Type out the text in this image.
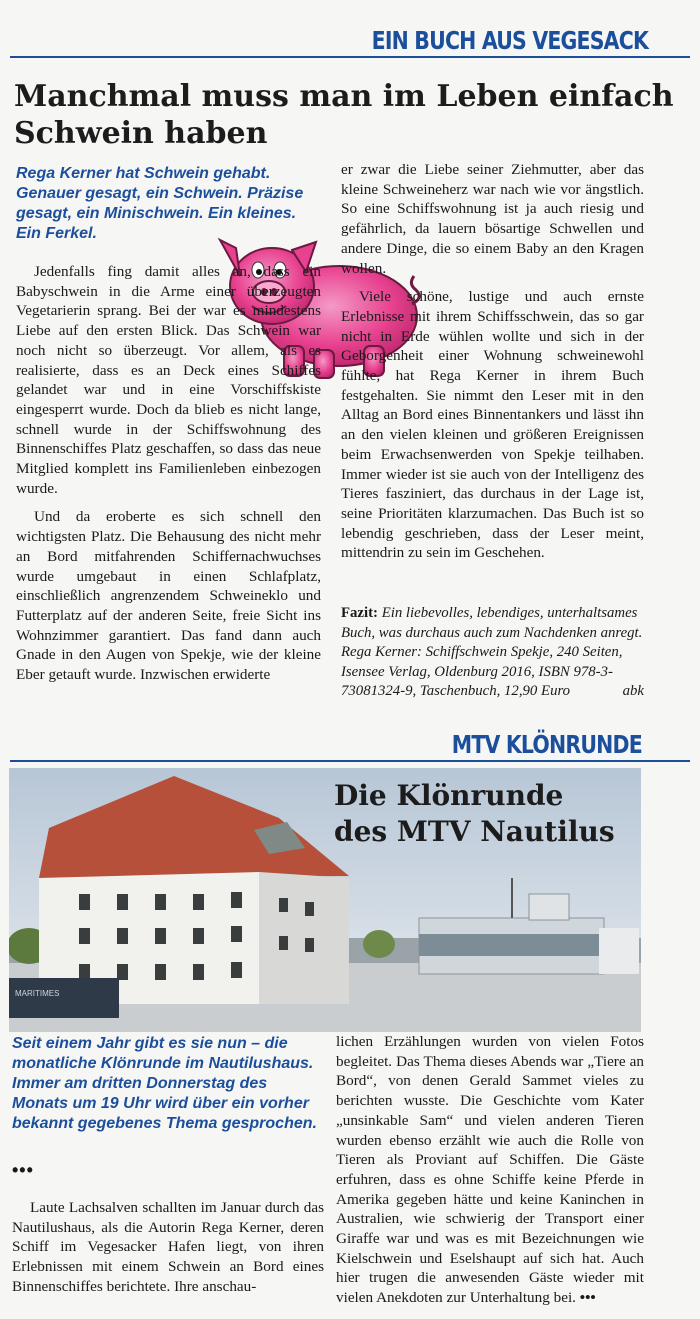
EIN BUCH AUS VEGESACK
Manchmal muss man im Leben einfach Schwein haben

Rega Kerner hat Schwein gehabt. Genauer gesagt, ein Schwein. Präzise gesagt, ein Minischwein. Ein kleines. Ein Ferkel.

Jedenfalls fing damit alles an, dass ein Babyschwein in die Arme einer überzeugten Vegetarierin sprang. Bei der war es mindestens Liebe auf den ersten Blick. Das Schwein war noch nicht so überzeugt. Vor allem, als es realisierte, dass es an Deck eines Schiffes gelandet war und in eine Vorschiffskiste eingesperrt wurde. Doch da blieb es nicht lange, schnell wurde in der Schiffswohnung des Binnenschiffes Platz geschaffen, so dass das neue Mitglied komplett ins Familienleben einbezogen wurde.

Und da eroberte es sich schnell den wichtigsten Platz. Die Behausung des nicht mehr an Bord mitfahrenden Schiffernachwuchses wurde umgebaut in einen Schlafplatz, einschließlich angrenzendem Schweineklo und Futterplatz auf der anderen Seite, freie Sicht ins Wohnzimmer garantiert. Das fand dann auch Gnade in den Augen von Spekje, wie der kleine Eber getauft wurde. Inzwischen erwiderte

er zwar die Liebe seiner Ziehmutter, aber das kleine Schweineherz war nach wie vor ängstlich. So eine Schiffswohnung ist ja auch riesig und gefährlich, da lauern bösartige Schwellen und andere Dinge, die so einem Baby an den Kragen wollen.

Viele schöne, lustige und auch ernste Erlebnisse mit ihrem Schiffsschwein, das so gar nicht in Erde wühlen wollte und sich in der Geborgenheit einer Wohnung schweinewohl fühlte, hat Rega Kerner in ihrem Buch festgehalten. Sie nimmt den Leser mit in den Alltag an Bord eines Binnentankers und lässt ihn an den vielen kleinen und größeren Ereignissen beim Erwachsenwerden von Spekje teilhaben. Immer wieder ist sie auch von der Intelligenz des Tieres fasziniert, das durchaus in der Lage ist, seine Prioritäten klarzumachen. Das Buch ist so lebendig geschrieben, dass der Leser meint, mittendrin zu sein im Geschehen.

Fazit: Ein liebevolles, lebendiges, unterhaltsames Buch, was durchaus auch zum Nachdenken anregt. Rega Kerner: Schiffschwein Spekje, 240 Seiten, Isensee Verlag, Oldenburg 2016, ISBN 978-3-73081324-9, Taschenbuch, 12,90 Euro	abk

MTV KLÖNRUNDE
MARITIMES
Die Klönrunde
des MTV Nautilus

Seit einem Jahr gibt es sie nun – die monatliche Klönrunde im Nautilushaus. Immer am dritten Donnerstag des Monats um 19 Uhr wird über ein vorher bekannt gegebenes Thema gesprochen.

•••

Laute Lachsalven schallten im Januar durch das Nautilushaus, als die Autorin Rega Kerner, deren Schiff im Vegesacker Hafen liegt, von ihren Erlebnissen mit einem Schwein an Bord eines Binnenschiffes berichtete. Ihre anschau-

lichen Erzählungen wurden von vielen Fotos begleitet. Das Thema dieses Abends war „Tiere an Bord“, von denen Gerald Sammet vieles zu berichten wusste. Die Geschichte vom Kater „unsinkable Sam“ und vielen anderen Tieren wurden ebenso erzählt wie auch die Rolle von Tieren als Proviant auf Schiffen. Die Gäste erfuhren, dass es ohne Schiffe keine Pferde in Amerika gegeben hätte und keine Kaninchen in Australien, wie schwierig der Transport einer Giraffe war und was es mit Bezeichnungen wie Kielschwein und Eselshaupt auf sich hat. Auch hier trugen die anwesenden Gäste wieder mit vielen Anekdoten zur Unterhaltung bei. •••
